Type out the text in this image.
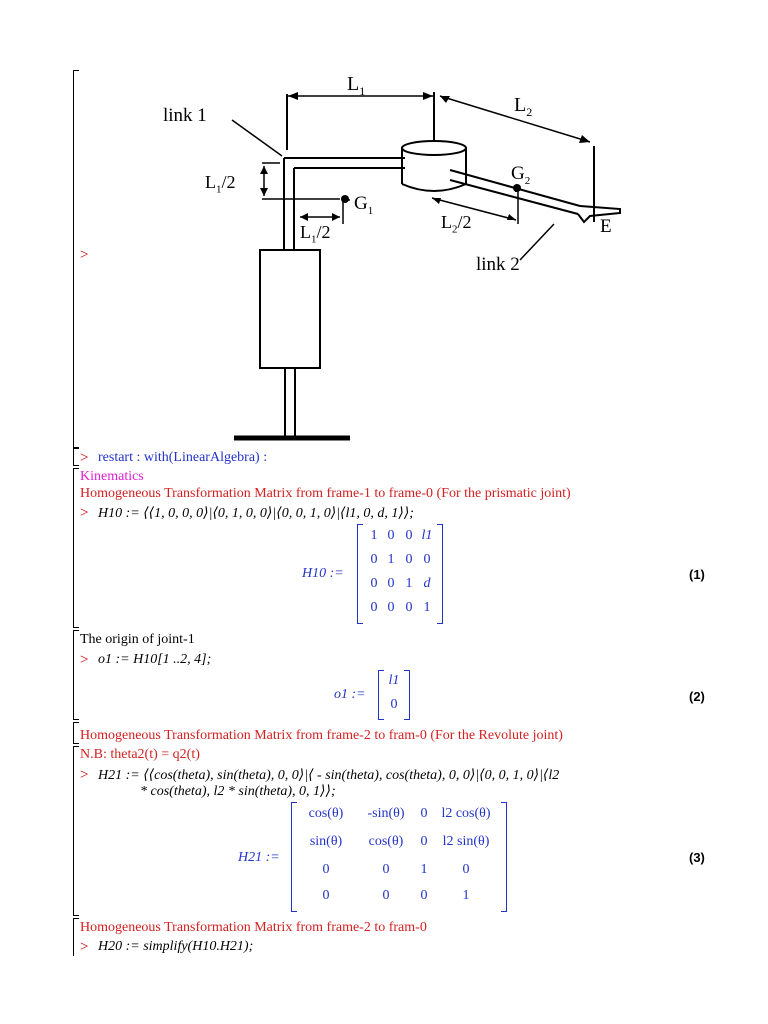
>
$L_1$
$L_2$
link 1
$L_1/2$
$G_1$
$L_1/2$
$G_2$
$L_2/2$	E
link 2
> restart : with(LinearAlgebra) :
Kinematics
Homogeneous Transformation Matrix from frame-1 to frame-0 (For the prismatic joint)
> H10 := ⟨⟨1, 0, 0, 0⟩|⟨0, 1, 0, 0⟩|⟨0, 0, 1, 0⟩|⟨l1, 0, d, 1⟩⟩;
H10 :=
1 0 0 l1
0 1 0 0
0 0 1 d
0 0 0 1
(1)
The origin of joint-1
> o1 := H10[1 ..2, 4];
o1 :=
l1
0
(2)
Homogeneous Transformation Matrix from frame-2 to fram-0 (For the Revolute joint)
N.B: theta2(t) = q2(t)
> H21 := ⟨⟨cos(theta), sin(theta), 0, 0⟩|⟨ - sin(theta), cos(theta), 0, 0⟩|⟨0, 0, 1, 0⟩|⟨l2
* cos(theta), l2 * sin(theta), 0, 1⟩⟩;
H21 :=
cos(θ)	-sin(θ)	0 l2 cos(θ)
sin(θ)	cos(θ)	0	l2 sin(θ)
0	0	1	0
0	0	0	1
(3)
Homogeneous Transformation Matrix from frame-2 to fram-0
> H20 := simplify(H10.H21);
